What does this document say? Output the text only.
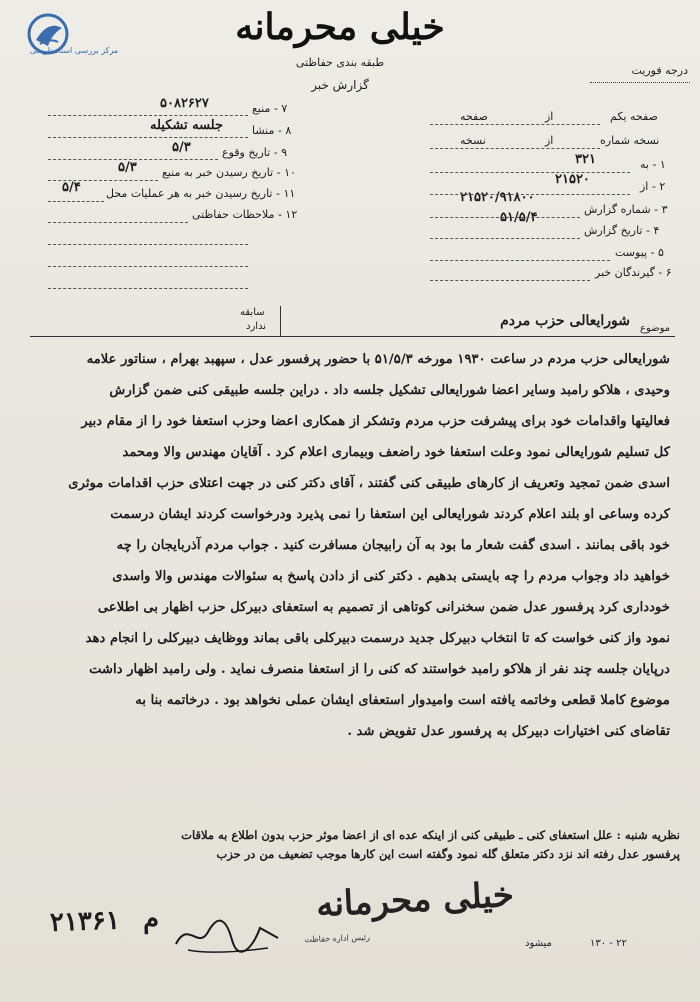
مرکز بررسی اسناد تاریخی
خیلی محرمانه
طبقه بندی حفاظتی
گزارش خبر
درجه فوریت
صفحه یکم
از
صفحه
نسخه شماره
از
نسخه
۱ - به
۳۲۱
۲ - از
۲۱۵۲۰
۳ - شماره گزارش
۲۱۵۲۰/۹۱۸۰۰
۴ - تاریخ گزارش
۵۱/۵/۴
۵ - پیوست
۶ - گیرندگان خبر
۷ - منبع
۵۰۸۲۶۲۷
۸ - منشا
جلسه تشکیله
۹ - تاریخ وقوع
۵/۳
۱۰ - تاریخ رسیدن خبر به منبع
۵/۳
۱۱ - تاریخ رسیدن خبر به هر عملیات محل
۵/۴
۱۲ - ملاحظات حفاظتی
موضوع
شورایعالی حزب مردم
سابقه
ندارد

شورایعالی حزب مردم در ساعت ۱۹۳۰ مورخه ۵۱/۵/۳ با حضور پرفسور عدل ، سپهبد بهرام ، سناتور علامه

وحیدی ، هلاکو رامبد وسایر اعضا شورایعالی تشکیل جلسه داد . دراین جلسه طبیقی کنی ضمن گزارش

فعالیتها واقدامات خود برای پیشرفت حزب مردم وتشکر از همکاری اعضا وحزب استعفا خود را از مقام دبیر

کل تسلیم شورایعالی نمود وعلت استعفا خود راضعف وبیماری اعلام کرد . آقایان مهندس والا ومحمد

اسدی ضمن تمجید وتعریف از کارهای طبیقی کنی گفتند ، آقای دکتر کنی در جهت اعتلای حزب اقدامات موثری

کرده وساعی او بلند اعلام کردند شورایعالی این استعفا را نمی پذیرد ودرخواست کردند ایشان درسمت

خود باقی بمانند . اسدی گفت شعار ما بود به آن رابیجان مسافرت کنید . جواب مردم آذربایجان را چه

خواهید داد وجواب مردم را چه بایستی بدهیم . دکتر کنی از دادن پاسخ به سئوالات مهندس والا واسدی

خودداری کرد پرفسور عدل ضمن سخنرانی کوتاهی از تصمیم به استعفای دبیرکل حزب اظهار بی اطلاعی

نمود واز کنی خواست که تا انتخاب دبیرکل جدید درسمت دبیرکلی باقی بماند ووظایف دبیرکلی را انجام دهد

درپایان جلسه چند نفر از هلاکو رامبد خواستند که کنی را از استعفا منصرف نماید . ولی رامبد اظهار داشت

موضوع کاملا قطعی وخاتمه یافته است وامیدوار استعفای ایشان عملی نخواهد بود . درخاتمه بنا به

تقاضای کنی اختیارات دبیرکل به پرفسور عدل تفویض شد .

نظریه شنبه : علل استعفای کنی ـ طبیقی کنی از اینکه عده ای از اعضا موثر حزب بدون اطلاع به ملاقات

پرفسور عدل رفته اند نزد دکتر متعلق گله نمود وگفته است این کارها موجب تضعیف من در حزب

خیلی محرمانه
۲۱۳۶۱ م
رئیس اداره حفاظت	میشود	۱۳۰ - ۲۲
